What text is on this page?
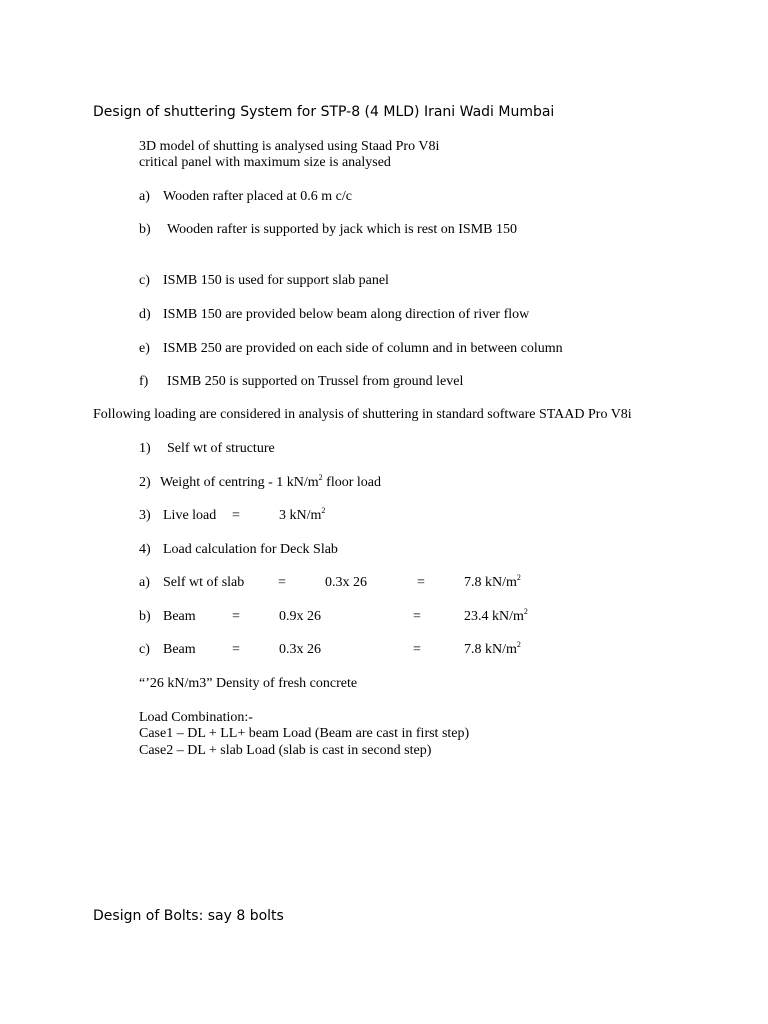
Design of shuttering System for STP-8 (4 MLD) Irani Wadi Mumbai
3D model of shutting is analysed using Staad Pro V8i
critical panel with maximum size is analysed
a) Wooden rafter placed at 0.6 m c/c
b) Wooden rafter is supported by jack which is rest on ISMB 150
c) ISMB 150 is used for support slab panel
d) ISMB 150 are provided below beam along direction of river flow
e) ISMB 250 are provided on each side of column and in between column
f) ISMB 250 is supported on Trussel from ground level
Following loading are considered in analysis of shuttering in standard software STAAD Pro V8i
1) Self wt of structure
2) Weight of centring - 1 $kN/m^2$ floor load
3) Live load =	3 $kN/m^2$
4) Load calculation for Deck Slab
a) Self wt of slab =	0.3x 26	=	7.8 $kN/m^2$
b) Beam	=	0.9x 26	=	23.4 $kN/m^2$
c) Beam	=	0.3x 26	=	7.8 $kN/m^2$
“’26 kN/m3” Density of fresh concrete
Load Combination:-
Case1 – DL + LL+ beam Load (Beam are cast in first step)
Case2 – DL + slab Load (slab is cast in second step)
Design of Bolts: say 8 bolts
